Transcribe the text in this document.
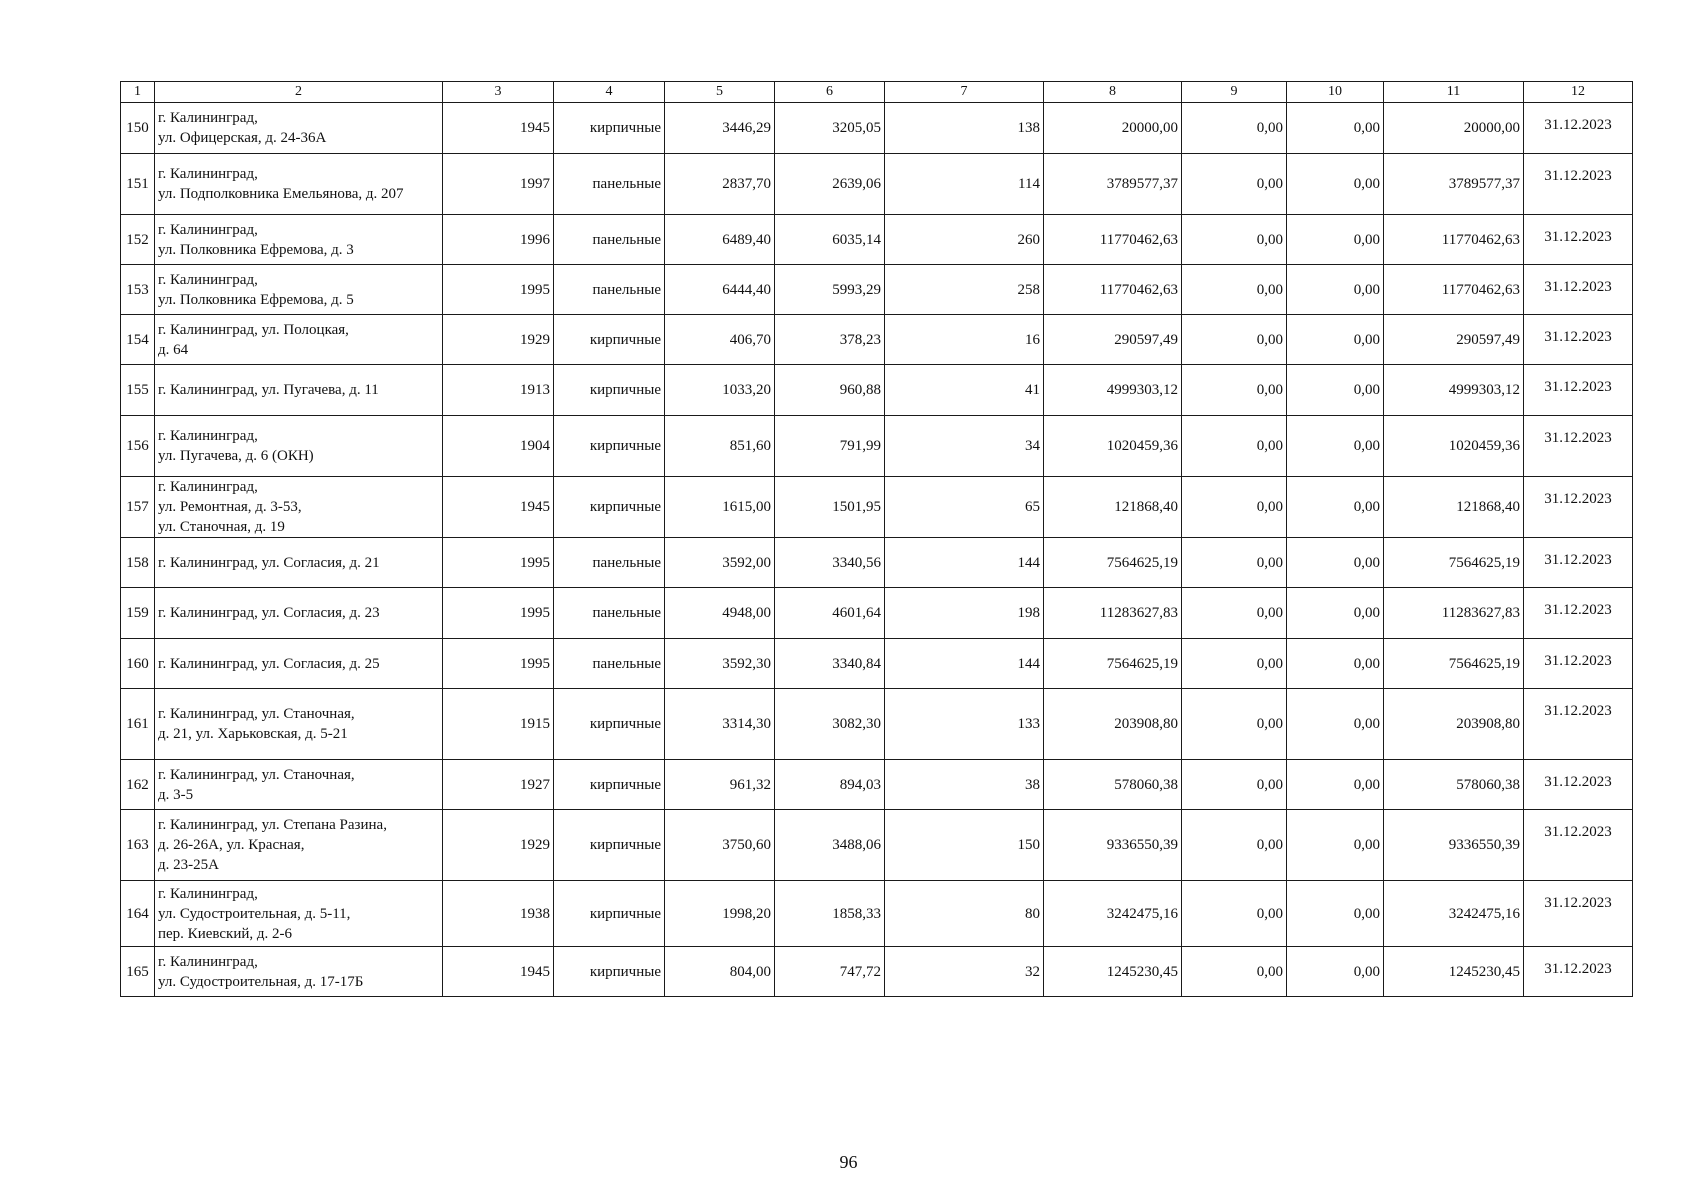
1	2	3	4	5	6	7	8	9	10	11	12
150	г. Калининград,
ул. Офицерская, д. 24-36А	1945	кирпичные	3446,29	3205,05	138	20000,00	0,00	0,00	20000,00	31.12.2023
151	г. Калининград,
ул. Подполковника Емельянова, д. 207	1997	панельные	2837,70	2639,06	114	3789577,37	0,00	0,00	3789577,37	31.12.2023
152	г. Калининград,
ул. Полковника Ефремова, д. 3	1996	панельные	6489,40	6035,14	260	11770462,63	0,00	0,00	11770462,63	31.12.2023
153	г. Калининград,
ул. Полковника Ефремова, д. 5	1995	панельные	6444,40	5993,29	258	11770462,63	0,00	0,00	11770462,63	31.12.2023
154	г. Калининград, ул. Полоцкая,
д. 64	1929	кирпичные	406,70	378,23	16	290597,49	0,00	0,00	290597,49	31.12.2023
155	г. Калининград, ул. Пугачева, д. 11	1913	кирпичные	1033,20	960,88	41	4999303,12	0,00	0,00	4999303,12	31.12.2023
156	г. Калининград,
ул. Пугачева, д. 6 (ОКН)	1904	кирпичные	851,60	791,99	34	1020459,36	0,00	0,00	1020459,36	31.12.2023
157	г. Калининград,
ул. Ремонтная, д. 3-53,
ул. Станочная, д. 19	1945	кирпичные	1615,00	1501,95	65	121868,40	0,00	0,00	121868,40	31.12.2023
158	г. Калининград, ул. Согласия, д. 21	1995	панельные	3592,00	3340,56	144	7564625,19	0,00	0,00	7564625,19	31.12.2023
159	г. Калининград, ул. Согласия, д. 23	1995	панельные	4948,00	4601,64	198	11283627,83	0,00	0,00	11283627,83	31.12.2023
160	г. Калининград, ул. Согласия, д. 25	1995	панельные	3592,30	3340,84	144	7564625,19	0,00	0,00	7564625,19	31.12.2023
161	г. Калининград, ул. Станочная,
д. 21, ул. Харьковская, д. 5-21	1915	кирпичные	3314,30	3082,30	133	203908,80	0,00	0,00	203908,80	31.12.2023
162	г. Калининград, ул. Станочная,
д. 3-5	1927	кирпичные	961,32	894,03	38	578060,38	0,00	0,00	578060,38	31.12.2023
163	г. Калининград, ул. Степана Разина,
д. 26-26А, ул. Красная,
д. 23-25А	1929	кирпичные	3750,60	3488,06	150	9336550,39	0,00	0,00	9336550,39	31.12.2023
164	г. Калининград,
ул. Судостроительная, д. 5-11,
пер. Киевский, д. 2-6	1938	кирпичные	1998,20	1858,33	80	3242475,16	0,00	0,00	3242475,16	31.12.2023
165	г. Калининград,
ул. Судостроительная, д. 17-17Б	1945	кирпичные	804,00	747,72	32	1245230,45	0,00	0,00	1245230,45	31.12.2023
96
